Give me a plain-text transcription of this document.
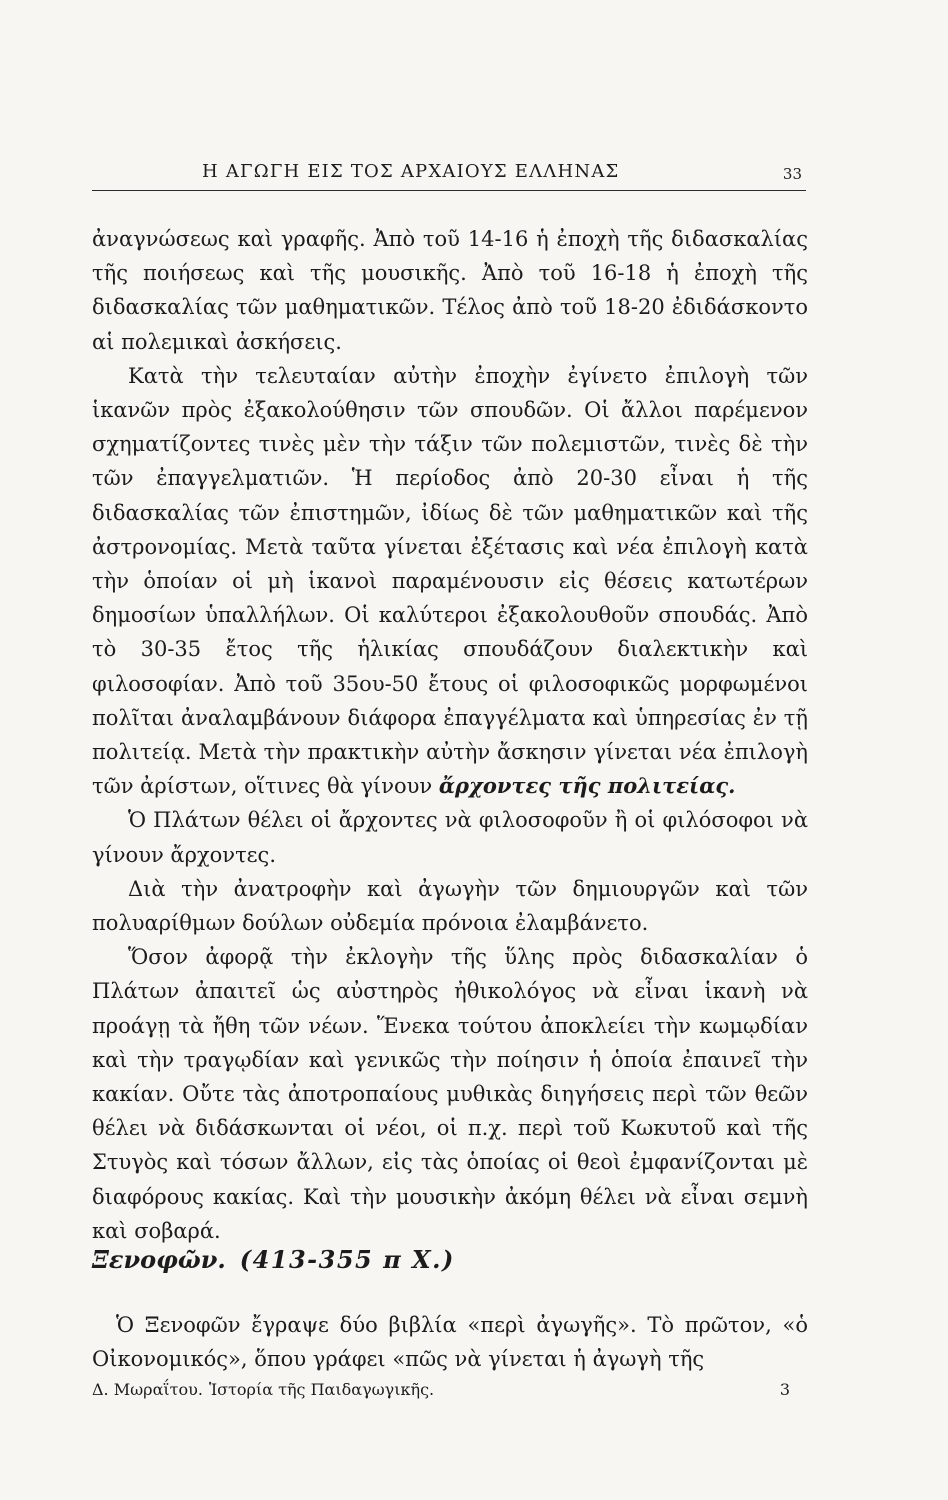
Η ΑΓΩΓΗ ΕΙΣ ΤΟΣ ΑΡΧΑΙΟΥΣ ΕΛΛΗΝΑΣ	33

ἀναγνώσεως καὶ γραφῆς. Ἀπὸ τοῦ 14-16 ἡ ἐποχὴ τῆς διδασκαλίας τῆς ποιήσεως καὶ τῆς μουσικῆς. Ἀπὸ τοῦ 16-18 ἡ ἐποχὴ τῆς διδασκαλίας τῶν μαθηματικῶν. Τέλος ἀπὸ τοῦ 18-20 ἐδιδάσκοντο αἱ πολεμικαὶ ἀσκήσεις.

Κατὰ τὴν τελευταίαν αὐτὴν ἐποχὴν ἐγίνετο ἐπιλογὴ τῶν ἱκανῶν πρὸς ἐξακολούθησιν τῶν σπουδῶν. Οἱ ἄλλοι παρέμενον σχηματίζοντες τινὲς μὲν τὴν τάξιν τῶν πολεμιστῶν, τινὲς δὲ τὴν τῶν ἐπαγγελματιῶν. Ἡ περίοδος ἀπὸ 20-30 εἶναι ἡ τῆς διδασκαλίας τῶν ἐπιστημῶν, ἰδίως δὲ τῶν μαθηματικῶν καὶ τῆς ἀστρονομίας. Μετὰ ταῦτα γίνεται ἐξέτασις καὶ νέα ἐπιλογὴ κατὰ τὴν ὁποίαν οἱ μὴ ἱκανοὶ παραμένουσιν εἰς θέσεις κατωτέρων δημοσίων ὑπαλλήλων. Οἱ καλύτεροι ἐξακολουθοῦν σπουδάς. Ἀπὸ τὸ 30-35 ἔτος τῆς ἡλικίας σπουδάζουν διαλεκτικὴν καὶ φιλοσοφίαν. Ἀπὸ τοῦ 35ου-50 ἔτους οἱ φιλοσοφικῶς μορφωμένοι πολῖται ἀναλαμβάνουν διάφορα ἐπαγγέλματα καὶ ὑπηρεσίας ἐν τῇ πολιτείᾳ. Μετὰ τὴν πρακτικὴν αὐτὴν ἄσκησιν γίνεται νέα ἐπιλογὴ τῶν ἀρίστων, οἵτινες θὰ γίνουν ἄρχοντες τῆς πολιτείας.

Ὁ Πλάτων θέλει οἱ ἄρχοντες νὰ φιλοσοφοῦν ἢ οἱ φιλόσοφοι νὰ γίνουν ἄρχοντες.

Διὰ τὴν ἀνατροφὴν καὶ ἀγωγὴν τῶν δημιουργῶν καὶ τῶν πολυαρίθμων δούλων οὐδεμία πρόνοια ἐλαμβάνετο.

Ὅσον ἀφορᾷ τὴν ἐκλογὴν τῆς ὕλης πρὸς διδασκαλίαν ὁ Πλάτων ἀπαιτεῖ ὡς αὐστηρὸς ἠθικολόγος νὰ εἶναι ἱκανὴ νὰ προάγῃ τὰ ἤθη τῶν νέων. Ἕνεκα τούτου ἀποκλείει τὴν κωμῳδίαν καὶ τὴν τραγῳδίαν καὶ γενικῶς τὴν ποίησιν ἡ ὁποία ἐπαινεῖ τὴν κακίαν. Οὔτε τὰς ἀποτροπαίους μυθικὰς διηγήσεις περὶ τῶν θεῶν θέλει νὰ διδάσκωνται οἱ νέοι, οἱ π.χ. περὶ τοῦ Κωκυτοῦ καὶ τῆς Στυγὸς καὶ τόσων ἄλλων, εἰς τὰς ὁποίας οἱ θεοὶ ἐμφανίζονται μὲ διαφόρους κακίας. Καὶ τὴν μουσικὴν ἀκόμη θέλει νὰ εἶναι σεμνὴ καὶ σοβαρά.

Ξενοφῶν. (413-355 π Χ.)

Ὁ Ξενοφῶν ἔγραψε δύο βιβλία «περὶ ἀγωγῆς». Τὸ πρῶτον, «ὁ Οἰκονομικός», ὅπου γράφει «πῶς νὰ γίνεται ἡ ἀγωγὴ τῆς

Δ. Μωραΐτου. Ἱστορία τῆς Παιδαγωγικῆς.	3
